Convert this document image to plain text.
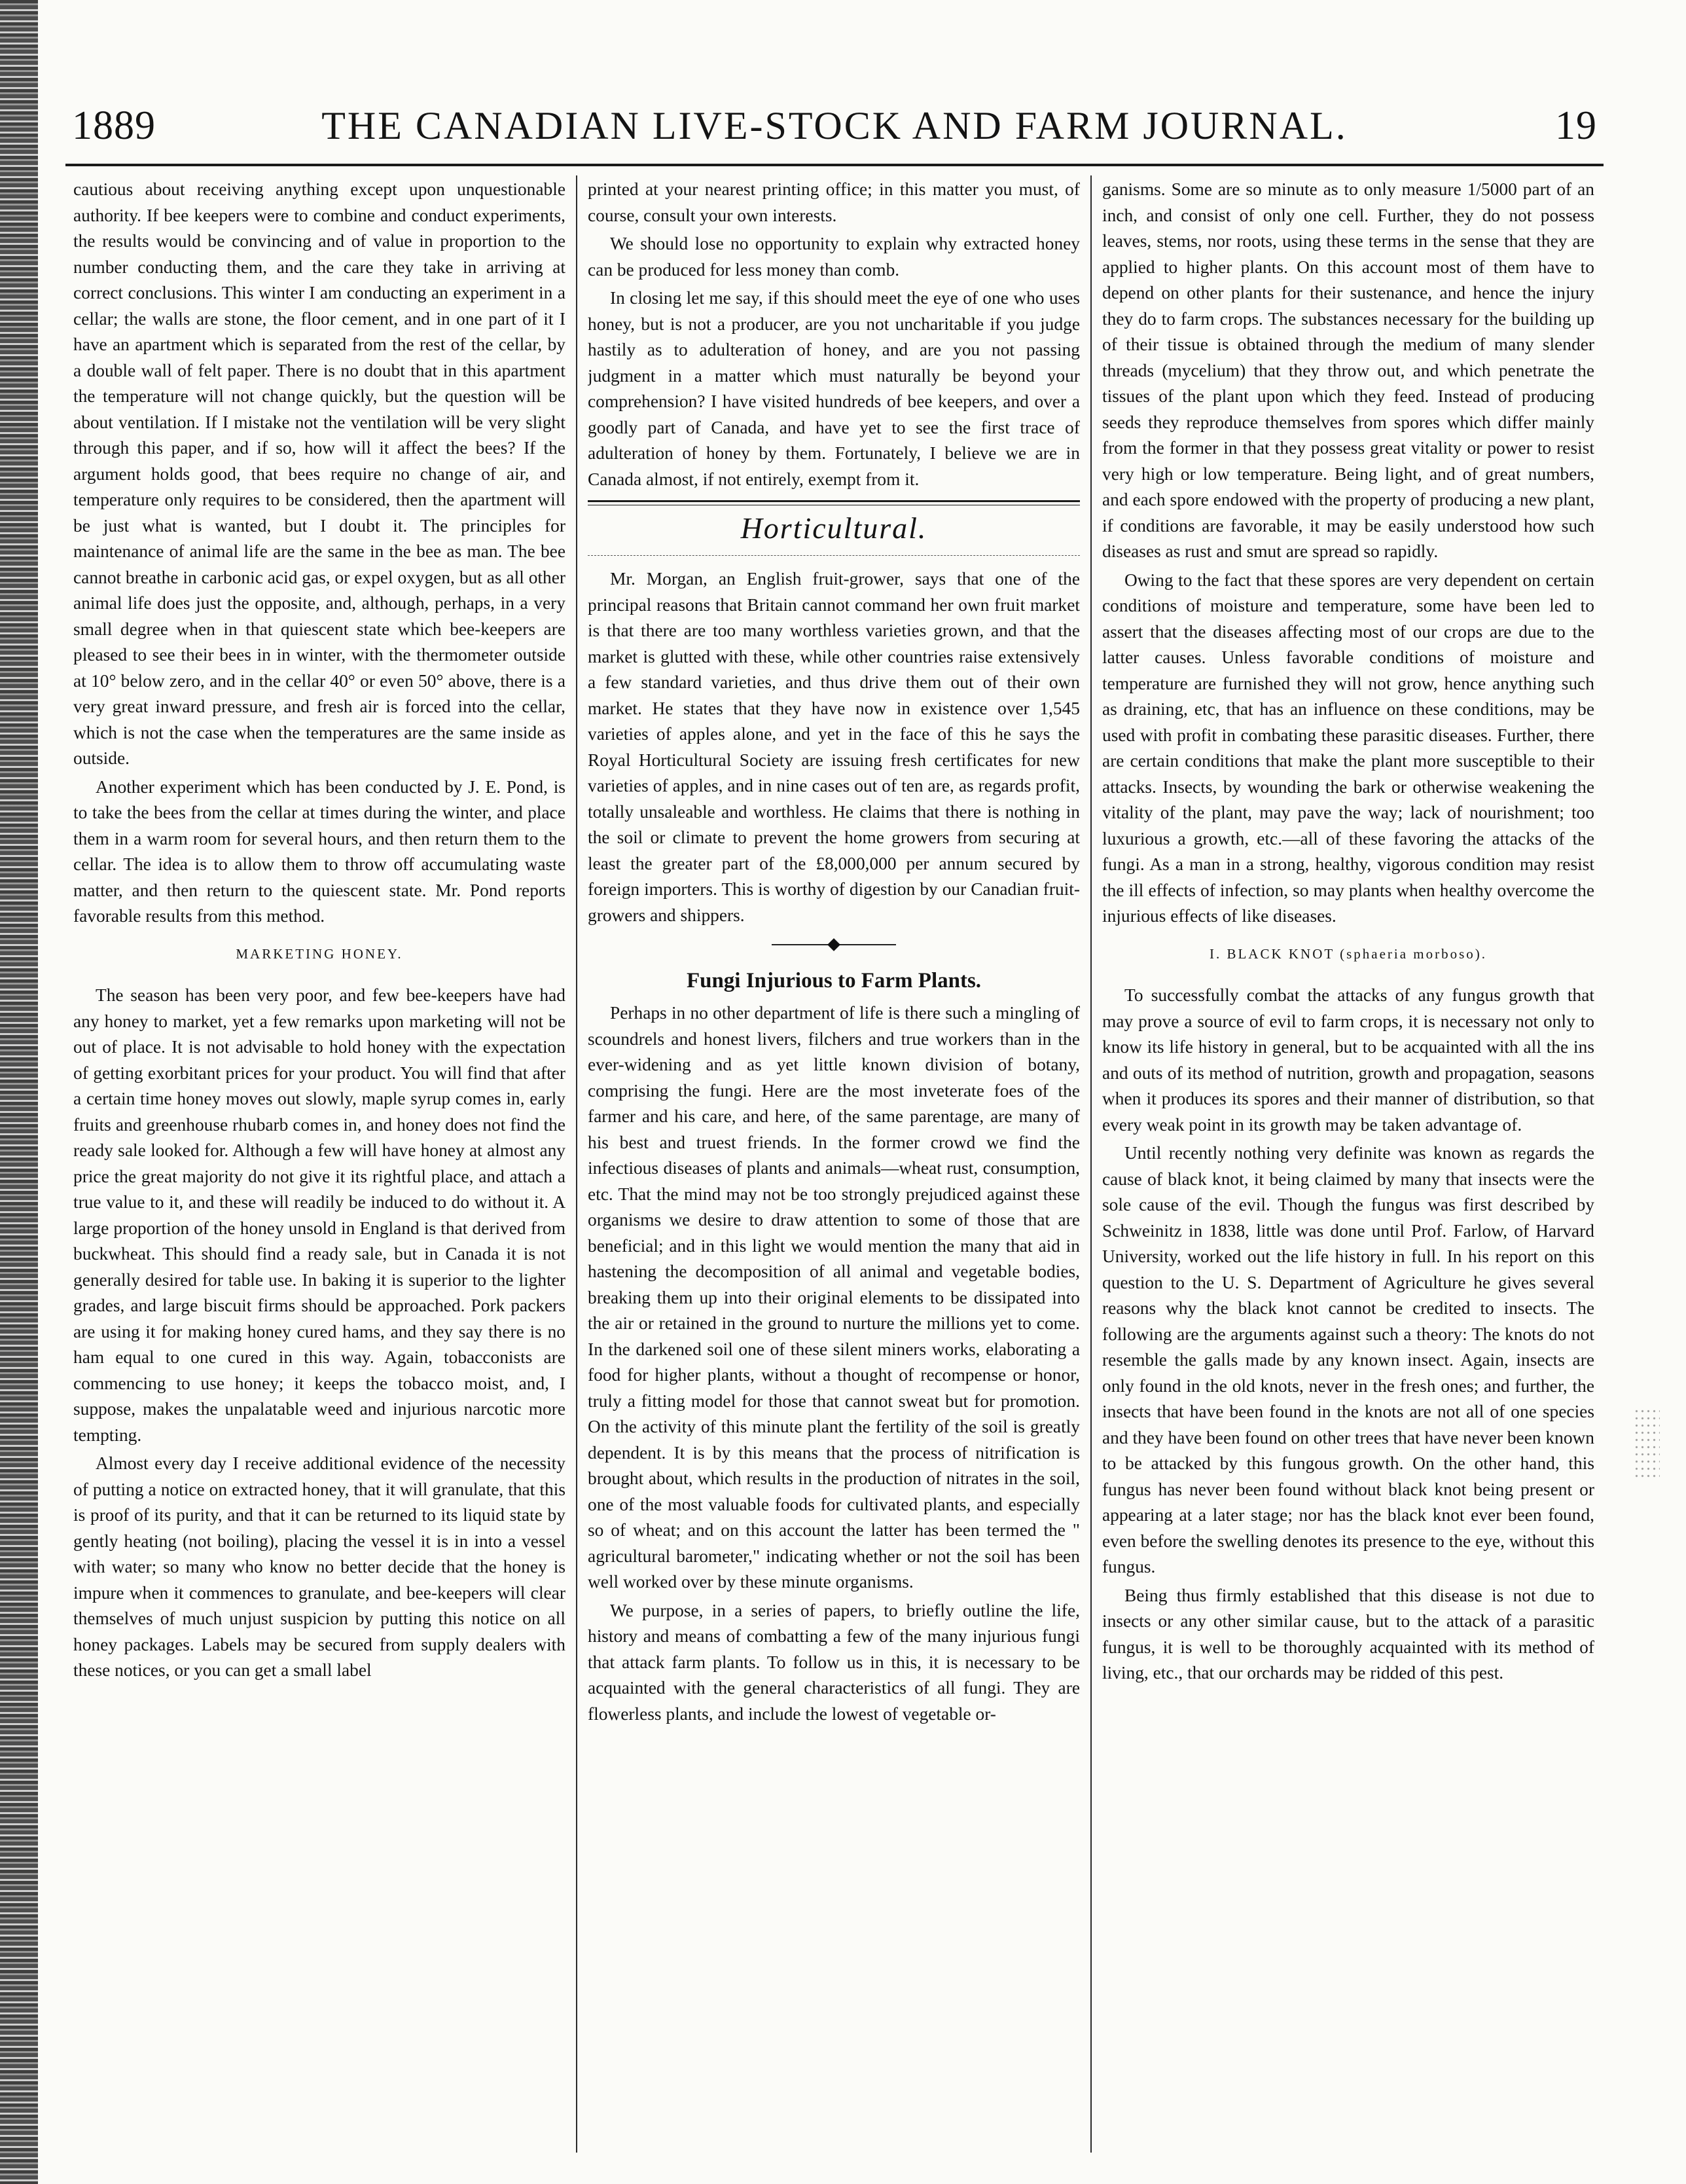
1889	THE CANADIAN LIVE-STOCK AND FARM JOURNAL.	19

cautious about receiving anything except upon unquestionable authority. If bee keepers were to combine and conduct experiments, the results would be convincing and of value in proportion to the number conducting them, and the care they take in arriving at correct conclusions. This winter I am conducting an experiment in a cellar; the walls are stone, the floor cement, and in one part of it I have an apartment which is separated from the rest of the cellar, by a double wall of felt paper. There is no doubt that in this apartment the temperature will not change quickly, but the question will be about ventilation. If I mistake not the ventilation will be very slight through this paper, and if so, how will it affect the bees? If the argument holds good, that bees require no change of air, and temperature only requires to be considered, then the apartment will be just what is wanted, but I doubt it. The principles for maintenance of animal life are the same in the bee as man. The bee cannot breathe in carbonic acid gas, or expel oxygen, but as all other animal life does just the opposite, and, although, perhaps, in a very small degree when in that quiescent state which bee-keepers are pleased to see their bees in in winter, with the thermometer outside at 10° below zero, and in the cellar 40° or even 50° above, there is a very great inward pressure, and fresh air is forced into the cellar, which is not the case when the temperatures are the same inside as outside.

Another experiment which has been conducted by J. E. Pond, is to take the bees from the cellar at times during the winter, and place them in a warm room for several hours, and then return them to the cellar. The idea is to allow them to throw off accumulating waste matter, and then return to the quiescent state. Mr. Pond reports favorable results from this method.

MARKETING HONEY.

The season has been very poor, and few bee-keepers have had any honey to market, yet a few remarks upon marketing will not be out of place. It is not advisable to hold honey with the expectation of getting exorbitant prices for your product. You will find that after a certain time honey moves out slowly, maple syrup comes in, early fruits and greenhouse rhubarb comes in, and honey does not find the ready sale looked for. Although a few will have honey at almost any price the great majority do not give it its rightful place, and attach a true value to it, and these will readily be induced to do without it. A large proportion of the honey unsold in England is that derived from buckwheat. This should find a ready sale, but in Canada it is not generally desired for table use. In baking it is superior to the lighter grades, and large biscuit firms should be approached. Pork packers are using it for making honey cured hams, and they say there is no ham equal to one cured in this way. Again, tobacconists are commencing to use honey; it keeps the tobacco moist, and, I suppose, makes the unpalatable weed and injurious narcotic more tempting.

Almost every day I receive additional evidence of the necessity of putting a notice on extracted honey, that it will granulate, that this is proof of its purity, and that it can be returned to its liquid state by gently heating (not boiling), placing the vessel it is in into a vessel with water; so many who know no better decide that the honey is impure when it commences to granulate, and bee-keepers will clear themselves of much unjust suspicion by putting this notice on all honey packages. Labels may be secured from supply dealers with these notices, or you can get a small label

printed at your nearest printing office; in this matter you must, of course, consult your own interests.

We should lose no opportunity to explain why extracted honey can be produced for less money than comb.

In closing let me say, if this should meet the eye of one who uses honey, but is not a producer, are you not uncharitable if you judge hastily as to adulteration of honey, and are you not passing judgment in a matter which must naturally be beyond your comprehension? I have visited hundreds of bee keepers, and over a goodly part of Canada, and have yet to see the first trace of adulteration of honey by them. Fortunately, I believe we are in Canada almost, if not entirely, exempt from it.

Horticultural.

Mr. Morgan, an English fruit-grower, says that one of the principal reasons that Britain cannot command her own fruit market is that there are too many worthless varieties grown, and that the market is glutted with these, while other countries raise extensively a few standard varieties, and thus drive them out of their own market. He states that they have now in existence over 1,545 varieties of apples alone, and yet in the face of this he says the Royal Horticultural Society are issuing fresh certificates for new varieties of apples, and in nine cases out of ten are, as regards profit, totally unsaleable and worthless. He claims that there is nothing in the soil or climate to prevent the home growers from securing at least the greater part of the £8,000,000 per annum secured by foreign importers. This is worthy of digestion by our Canadian fruit-growers and shippers.

Fungi Injurious to Farm Plants.

Perhaps in no other department of life is there such a mingling of scoundrels and honest livers, filchers and true workers than in the ever-widening and as yet little known division of botany, comprising the fungi. Here are the most inveterate foes of the farmer and his care, and here, of the same parentage, are many of his best and truest friends. In the former crowd we find the infectious diseases of plants and animals—wheat rust, consumption, etc. That the mind may not be too strongly prejudiced against these organisms we desire to draw attention to some of those that are beneficial; and in this light we would mention the many that aid in hastening the decomposition of all animal and vegetable bodies, breaking them up into their original elements to be dissipated into the air or retained in the ground to nurture the millions yet to come. In the darkened soil one of these silent miners works, elaborating a food for higher plants, without a thought of recompense or honor, truly a fitting model for those that cannot sweat but for promotion. On the activity of this minute plant the fertility of the soil is greatly dependent. It is by this means that the process of nitrification is brought about, which results in the production of nitrates in the soil, one of the most valuable foods for cultivated plants, and especially so of wheat; and on this account the latter has been termed the " agricultural barometer," indicating whether or not the soil has been well worked over by these minute organisms.

We purpose, in a series of papers, to briefly outline the life, history and means of combatting a few of the many injurious fungi that attack farm plants. To follow us in this, it is necessary to be acquainted with the general characteristics of all fungi. They are flowerless plants, and include the lowest of vegetable or-

ganisms. Some are so minute as to only measure 1/5000 part of an inch, and consist of only one cell. Further, they do not possess leaves, stems, nor roots, using these terms in the sense that they are applied to higher plants. On this account most of them have to depend on other plants for their sustenance, and hence the injury they do to farm crops. The substances necessary for the building up of their tissue is obtained through the medium of many slender threads (mycelium) that they throw out, and which penetrate the tissues of the plant upon which they feed. Instead of producing seeds they reproduce themselves from spores which differ mainly from the former in that they possess great vitality or power to resist very high or low temperature. Being light, and of great numbers, and each spore endowed with the property of producing a new plant, if conditions are favorable, it may be easily understood how such diseases as rust and smut are spread so rapidly.

Owing to the fact that these spores are very dependent on certain conditions of moisture and temperature, some have been led to assert that the diseases affecting most of our crops are due to the latter causes. Unless favorable conditions of moisture and temperature are furnished they will not grow, hence anything such as draining, etc, that has an influence on these conditions, may be used with profit in combating these parasitic diseases. Further, there are certain conditions that make the plant more susceptible to their attacks. Insects, by wounding the bark or otherwise weakening the vitality of the plant, may pave the way; lack of nourishment; too luxurious a growth, etc.—all of these favoring the attacks of the fungi. As a man in a strong, healthy, vigorous condition may resist the ill effects of infection, so may plants when healthy overcome the injurious effects of like diseases.

I. BLACK KNOT (sphaeria morboso).

To successfully combat the attacks of any fungus growth that may prove a source of evil to farm crops, it is necessary not only to know its life history in general, but to be acquainted with all the ins and outs of its method of nutrition, growth and propagation, seasons when it produces its spores and their manner of distribution, so that every weak point in its growth may be taken advantage of.

Until recently nothing very definite was known as regards the cause of black knot, it being claimed by many that insects were the sole cause of the evil. Though the fungus was first described by Schweinitz in 1838, little was done until Prof. Farlow, of Harvard University, worked out the life history in full. In his report on this question to the U. S. Department of Agriculture he gives several reasons why the black knot cannot be credited to insects. The following are the arguments against such a theory: The knots do not resemble the galls made by any known insect. Again, insects are only found in the old knots, never in the fresh ones; and further, the insects that have been found in the knots are not all of one species and they have been found on other trees that have never been known to be attacked by this fungous growth. On the other hand, this fungus has never been found without black knot being present or appearing at a later stage; nor has the black knot ever been found, even before the swelling denotes its presence to the eye, without this fungus.

Being thus firmly established that this disease is not due to insects or any other similar cause, but to the attack of a parasitic fungus, it is well to be thoroughly acquainted with its method of living, etc., that our orchards may be ridded of this pest.
